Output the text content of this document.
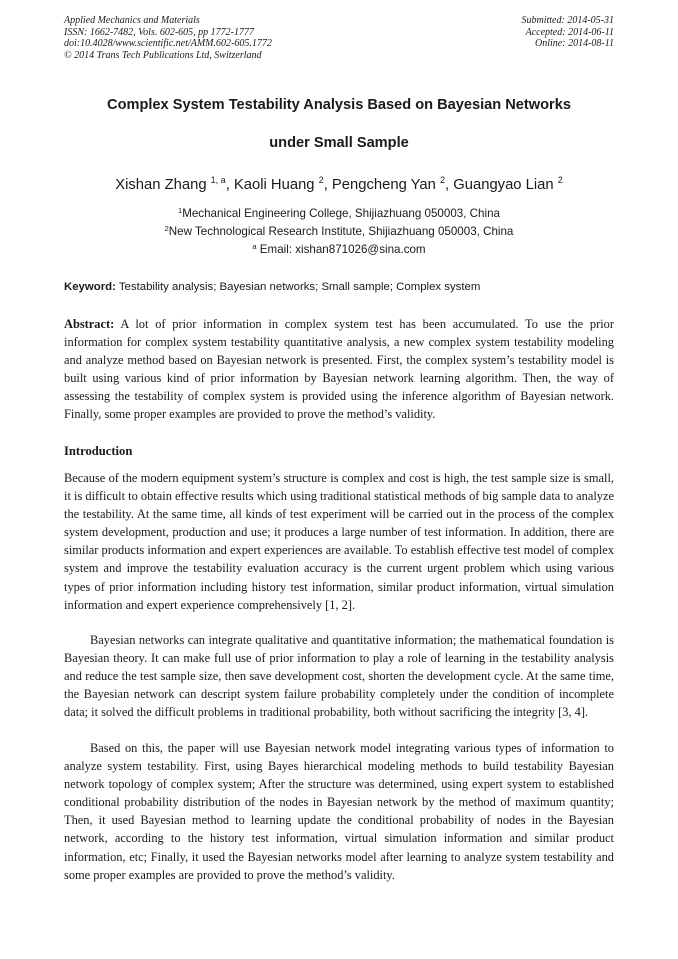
Applied Mechanics and Materials
ISSN: 1662-7482, Vols. 602-605, pp 1772-1777
doi:10.4028/www.scientific.net/AMM.602-605.1772
© 2014 Trans Tech Publications Ltd, Switzerland
Submitted: 2014-05-31
Accepted: 2014-06-11
Online: 2014-08-11
Complex System Testability Analysis Based on Bayesian Networks
under Small Sample
Xishan Zhang $^{1, a}$, Kaoli Huang $^2$, Pengcheng Yan $^2$, Guangyao Lian $^2$
$^1$Mechanical Engineering College, Shijiazhuang 050003, China
$^2$New Technological Research Institute, Shijiazhuang 050003, China
$^a$ Email: xishan871026@sina.com
Keyword: Testability analysis; Bayesian networks; Small sample; Complex system
Abstract: A lot of prior information in complex system test has been accumulated. To use the prior information for complex system testability quantitative analysis, a new complex system testability modeling and analyze method based on Bayesian network is presented. First, the complex system’s testability model is built using various kind of prior information by Bayesian network learning algorithm. Then, the way of assessing the testability of complex system is provided using the inference algorithm of Bayesian network. Finally, some proper examples are provided to prove the method’s validity.
Introduction
Because of the modern equipment system’s structure is complex and cost is high, the test sample size is small, it is difficult to obtain effective results which using traditional statistical methods of big sample data to analyze the testability. At the same time, all kinds of test experiment will be carried out in the process of the complex system development, production and use; it produces a large number of test information. In addition, there are similar products information and expert experiences are available. To establish effective test model of complex system and improve the testability evaluation accuracy is the current urgent problem which using various types of prior information including history test information, similar product information, virtual simulation information and expert experience comprehensively [1, 2].
Bayesian networks can integrate qualitative and quantitative information; the mathematical foundation is Bayesian theory. It can make full use of prior information to play a role of learning in the testability analysis and reduce the test sample size, then save development cost, shorten the development cycle. At the same time, the Bayesian network can descript system failure probability completely under the condition of incomplete data; it solved the difficult problems in traditional probability, both without sacrificing the integrity [3, 4].
Based on this, the paper will use Bayesian network model integrating various types of information to analyze system testability. First, using Bayes hierarchical modeling methods to build testability Bayesian network topology of complex system; After the structure was determined, using expert system to established conditional probability distribution of the nodes in Bayesian network by the method of maximum quantity; Then, it used Bayesian method to learning update the conditional probability of nodes in the Bayesian network, according to the history test information, virtual simulation information and similar product information, etc; Finally, it used the Bayesian networks model after learning to analyze system testability and some proper examples are provided to prove the method’s validity.
